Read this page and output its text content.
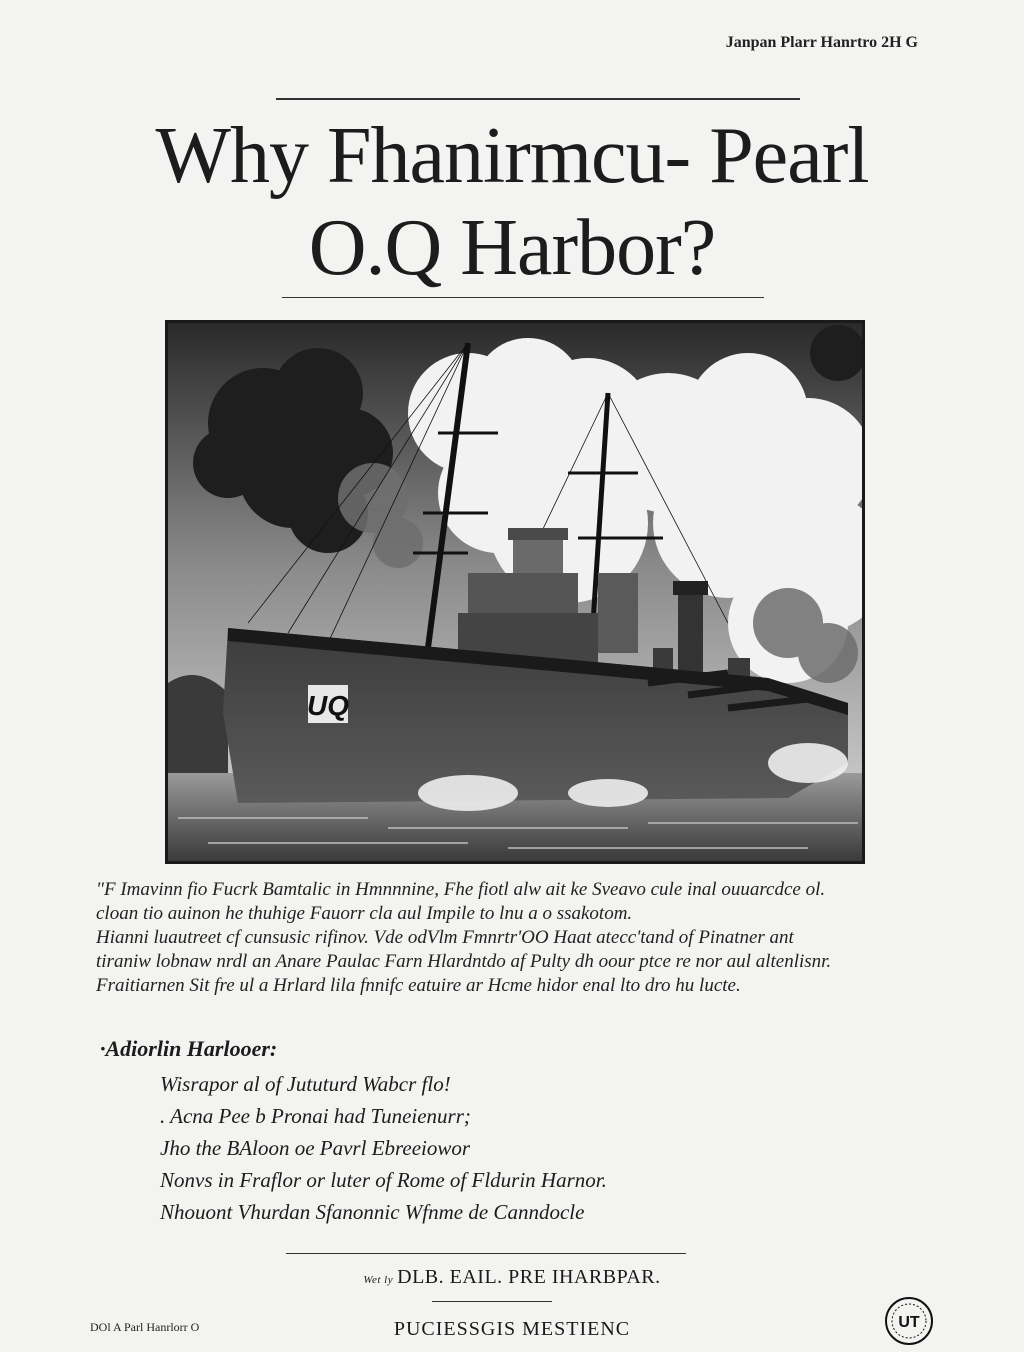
Janpan Plarr Hanrtro 2H G
Why Fhanirmcu- Pearl
O.Q Harbor?
UQ
"F Imavinn fio Fucrk Bamtalic in Hmnnnine, Fhe fiotl alw ait ke Sveavo cule inal ouuarcdce ol.
cloan tio auinon he thuhige Fauorr cla aul Impile to lnu a o ssakotom.
Hianni luautreet cf cunsusic rifinov. Vde odVlm Fmnrtr'OO Haat atecc'tand of Pinatner ant
tiraniw lobnaw nrdl an Anare Paulac Farn Hlardntdo af Pulty dh oour ptce re nor aul altenlisnr.
Fraitiarnen Sit fre ul a Hrlard lila fnnifc eatuire ar Hcme hidor enal lto dro hu lucte.
·Adiorlin Harlooer:
Wisrapor al of Jututurd Wabcr flo!
. Acna Pee b Pronai had Tuneienurr;
Jho the BAloon oe Pavrl Ebreeiowor
Nonvs in Fraflor or luter of Rome of Fldurin Harnor.
Nhouont Vhurdan Sfanonnic Wfnme de Canndocle
Wet ly DLB. EAIL. PRE IHARBPAR.
PUCIESSGIS MESTIENC
DOl A Parl Hanrlorr O	UT
